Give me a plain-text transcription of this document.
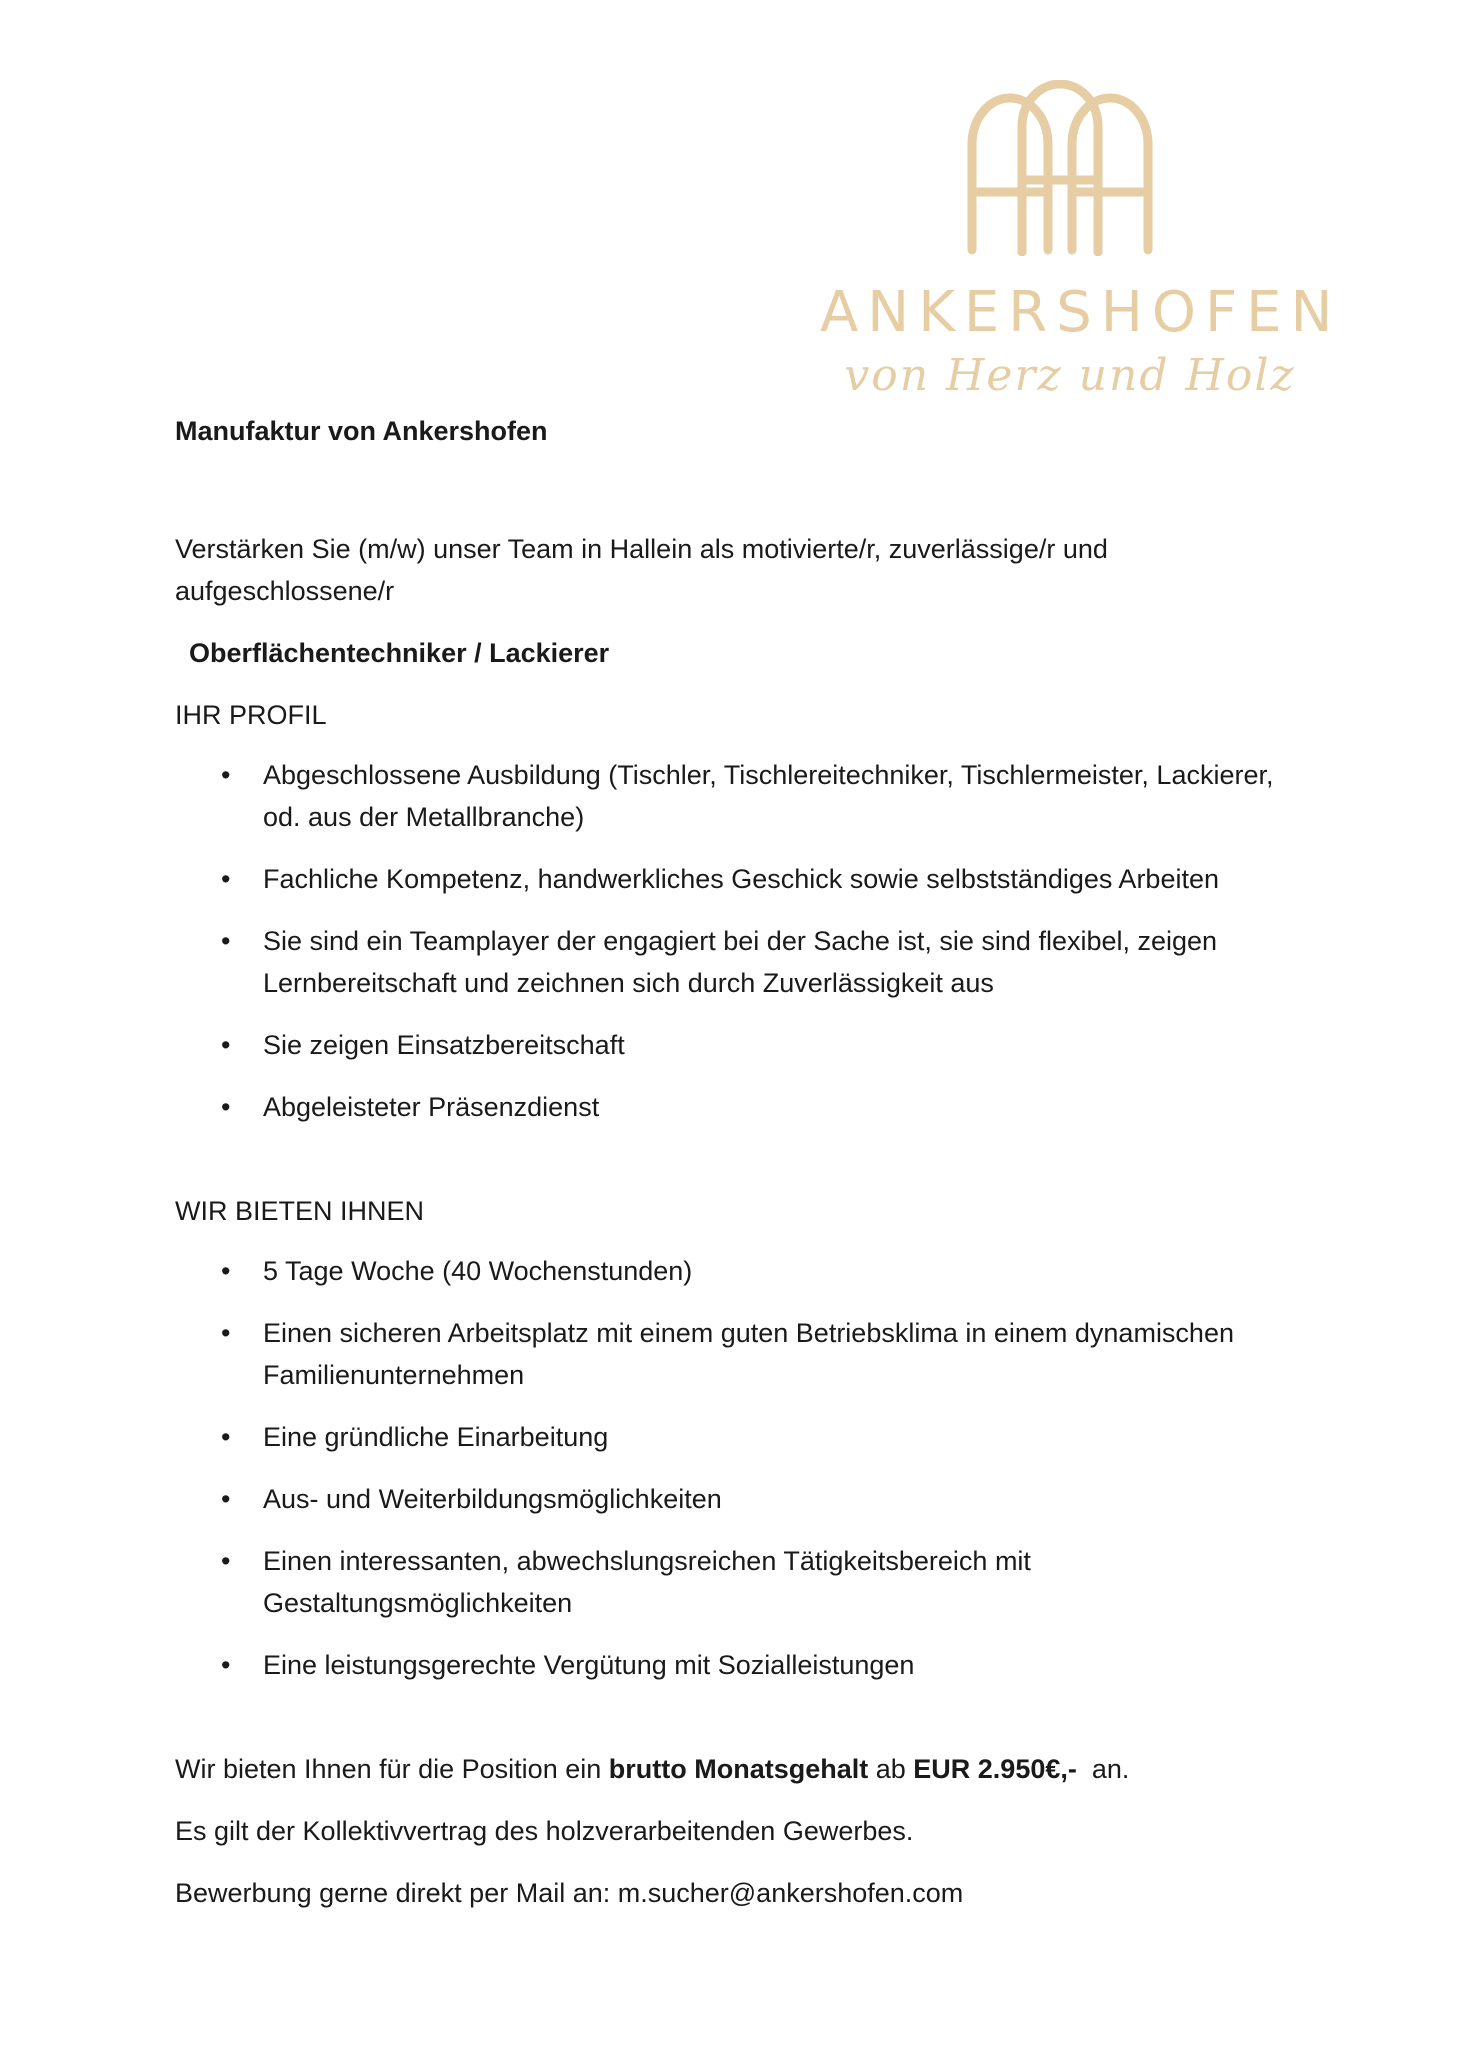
ANKERSHOFEN
von Herz und Holz

Manufaktur von Ankershofen

Verstärken Sie (m/w) unser Team in Hallein als motivierte/r, zuverlässige/r und aufgeschlossene/r

Oberflächentechniker / Lackierer

IHR PROFIL

• Abgeschlossene Ausbildung (Tischler, Tischlereitechniker, Tischlermeister, Lackierer, od. aus der Metallbranche)
• Fachliche Kompetenz, handwerkliches Geschick sowie selbstständiges Arbeiten
• Sie sind ein Teamplayer der engagiert bei der Sache ist, sie sind flexibel, zeigen Lernbereitschaft und zeichnen sich durch Zuverlässigkeit aus
• Sie zeigen Einsatzbereitschaft
• Abgeleisteter Präsenzdienst

WIR BIETEN IHNEN

• 5 Tage Woche (40 Wochenstunden)
• Einen sicheren Arbeitsplatz mit einem guten Betriebsklima in einem dynamischen Familienunternehmen
• Eine gründliche Einarbeitung
• Aus- und Weiterbildungsmöglichkeiten
• Einen interessanten, abwechslungsreichen Tätigkeitsbereich mit Gestaltungsmöglichkeiten
• Eine leistungsgerechte Vergütung mit Sozialleistungen

Wir bieten Ihnen für die Position ein brutto Monatsgehalt ab EUR 2.950€,-  an.

Es gilt der Kollektivvertrag des holzverarbeitenden Gewerbes.

Bewerbung gerne direkt per Mail an: m.sucher@ankershofen.com
